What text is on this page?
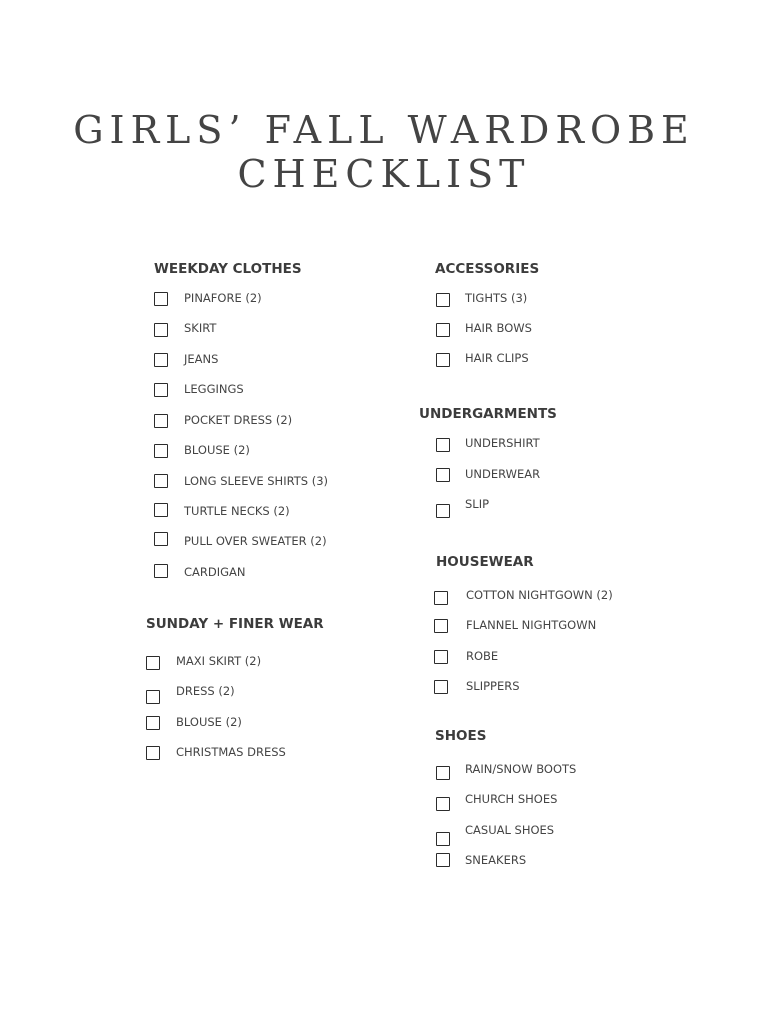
GIRLS’ FALL WARDROBE
CHECKLIST
WEEKDAY CLOTHES
PINAFORE (2)
SKIRT
JEANS
LEGGINGS
POCKET DRESS (2)
BLOUSE (2)
LONG SLEEVE SHIRTS (3)
TURTLE NECKS (2)
PULL OVER SWEATER (2)
CARDIGAN
SUNDAY + FINER WEAR
MAXI SKIRT (2)
DRESS (2)
BLOUSE (2)
CHRISTMAS DRESS
ACCESSORIES
TIGHTS (3)
HAIR BOWS
HAIR CLIPS
UNDERGARMENTS
UNDERSHIRT
UNDERWEAR
SLIP
HOUSEWEAR
COTTON NIGHTGOWN (2)
FLANNEL NIGHTGOWN
ROBE
SLIPPERS
SHOES
RAIN/SNOW BOOTS
CHURCH SHOES
CASUAL SHOES
SNEAKERS
